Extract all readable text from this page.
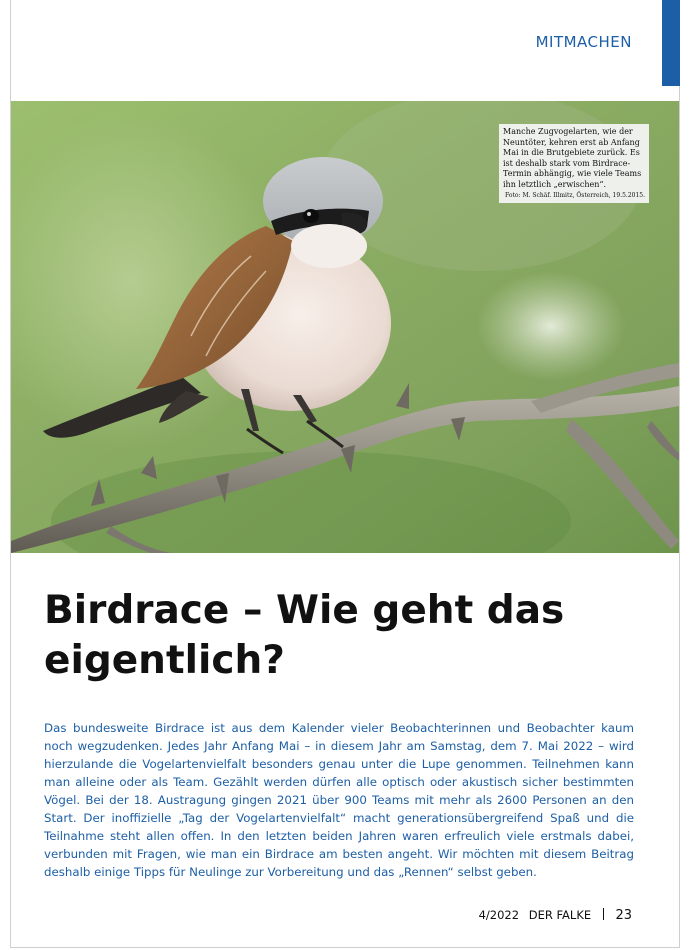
MITMACHEN
Manche Zugvogelarten, wie der Neuntöter, kehren erst ab Anfang Mai in die Brutgebiete zurück. Es ist deshalb stark vom Birdrace-Termin abhängig, wie viele Teams ihn letztlich „erwischen“.
Foto: M. Schäf. Illmitz, Österreich, 19.5.2015.
Birdrace – Wie geht das eigentlich?

Das bundesweite Birdrace ist aus dem Kalender vieler Beobachterinnen und Beobachter kaum noch wegzudenken. Jedes Jahr Anfang Mai – in diesem Jahr am Samstag, dem 7. Mai 2022 – wird hierzulande die Vogelartenvielfalt besonders genau unter die Lupe genommen. Teilnehmen kann man alleine oder als Team. Gezählt werden dürfen alle optisch oder akustisch sicher bestimmten Vögel. Bei der 18. Austragung gingen 2021 über 900 Teams mit mehr als 2600 Personen an den Start. Der inoffizielle „Tag der Vogelartenvielfalt“ macht generationsübergreifend Spaß und die Teilnahme steht allen offen. In den letzten beiden Jahren waren erfreulich viele erstmals dabei, verbunden mit Fragen, wie man ein Birdrace am besten angeht. Wir möchten mit diesem Beitrag deshalb einige Tipps für Neulinge zur Vorbereitung und das „Rennen“ selbst geben.

4/2022 DER FALKE 23
